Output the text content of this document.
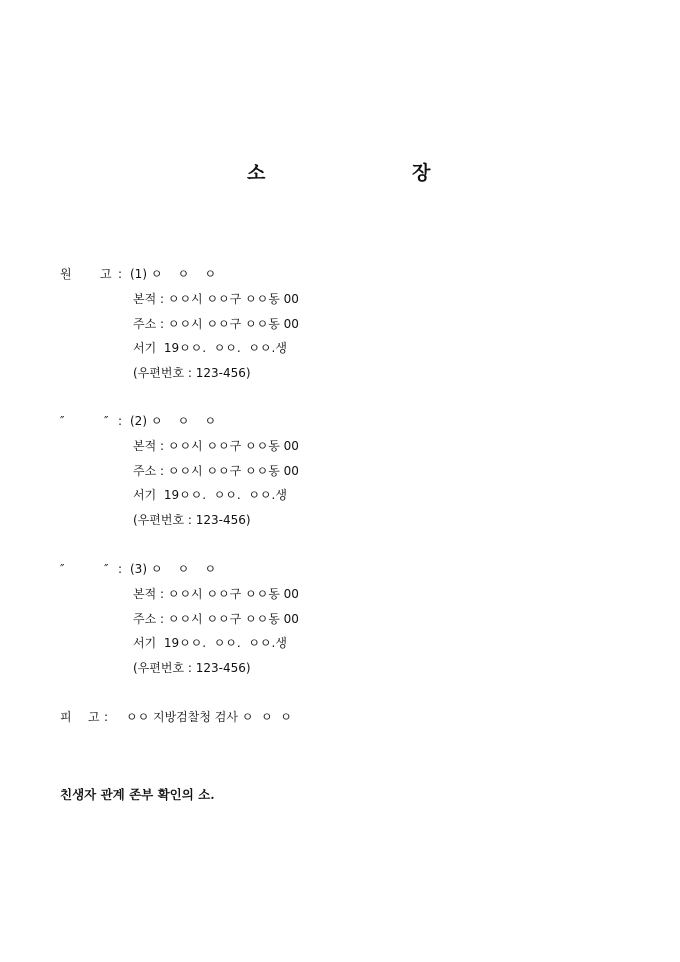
소	장
원 고 : (1) ㅇ    ㅇ    ㅇ
본적 : ㅇㅇ시 ㅇㅇ구 ㅇㅇ동 00
주소 : ㅇㅇ시 ㅇㅇ구 ㅇㅇ동 00
서기  19ㅇㅇ.  ㅇㅇ.  ㅇㅇ.생
(우편번호 : 123-456)
″	″ : (2) ㅇ    ㅇ    ㅇ
본적 : ㅇㅇ시 ㅇㅇ구 ㅇㅇ동 00
주소 : ㅇㅇ시 ㅇㅇ구 ㅇㅇ동 00
서기  19ㅇㅇ.  ㅇㅇ.  ㅇㅇ.생
(우편번호 : 123-456)
″	″ : (3) ㅇ    ㅇ    ㅇ
본적 : ㅇㅇ시 ㅇㅇ구 ㅇㅇ동 00
주소 : ㅇㅇ시 ㅇㅇ구 ㅇㅇ동 00
서기  19ㅇㅇ.  ㅇㅇ.  ㅇㅇ.생
(우편번호 : 123-456)
피 고 : ㅇㅇ 지방검찰청 검사 ㅇ  ㅇ  ㅇ
친생자 관계 존부 확인의 소.
